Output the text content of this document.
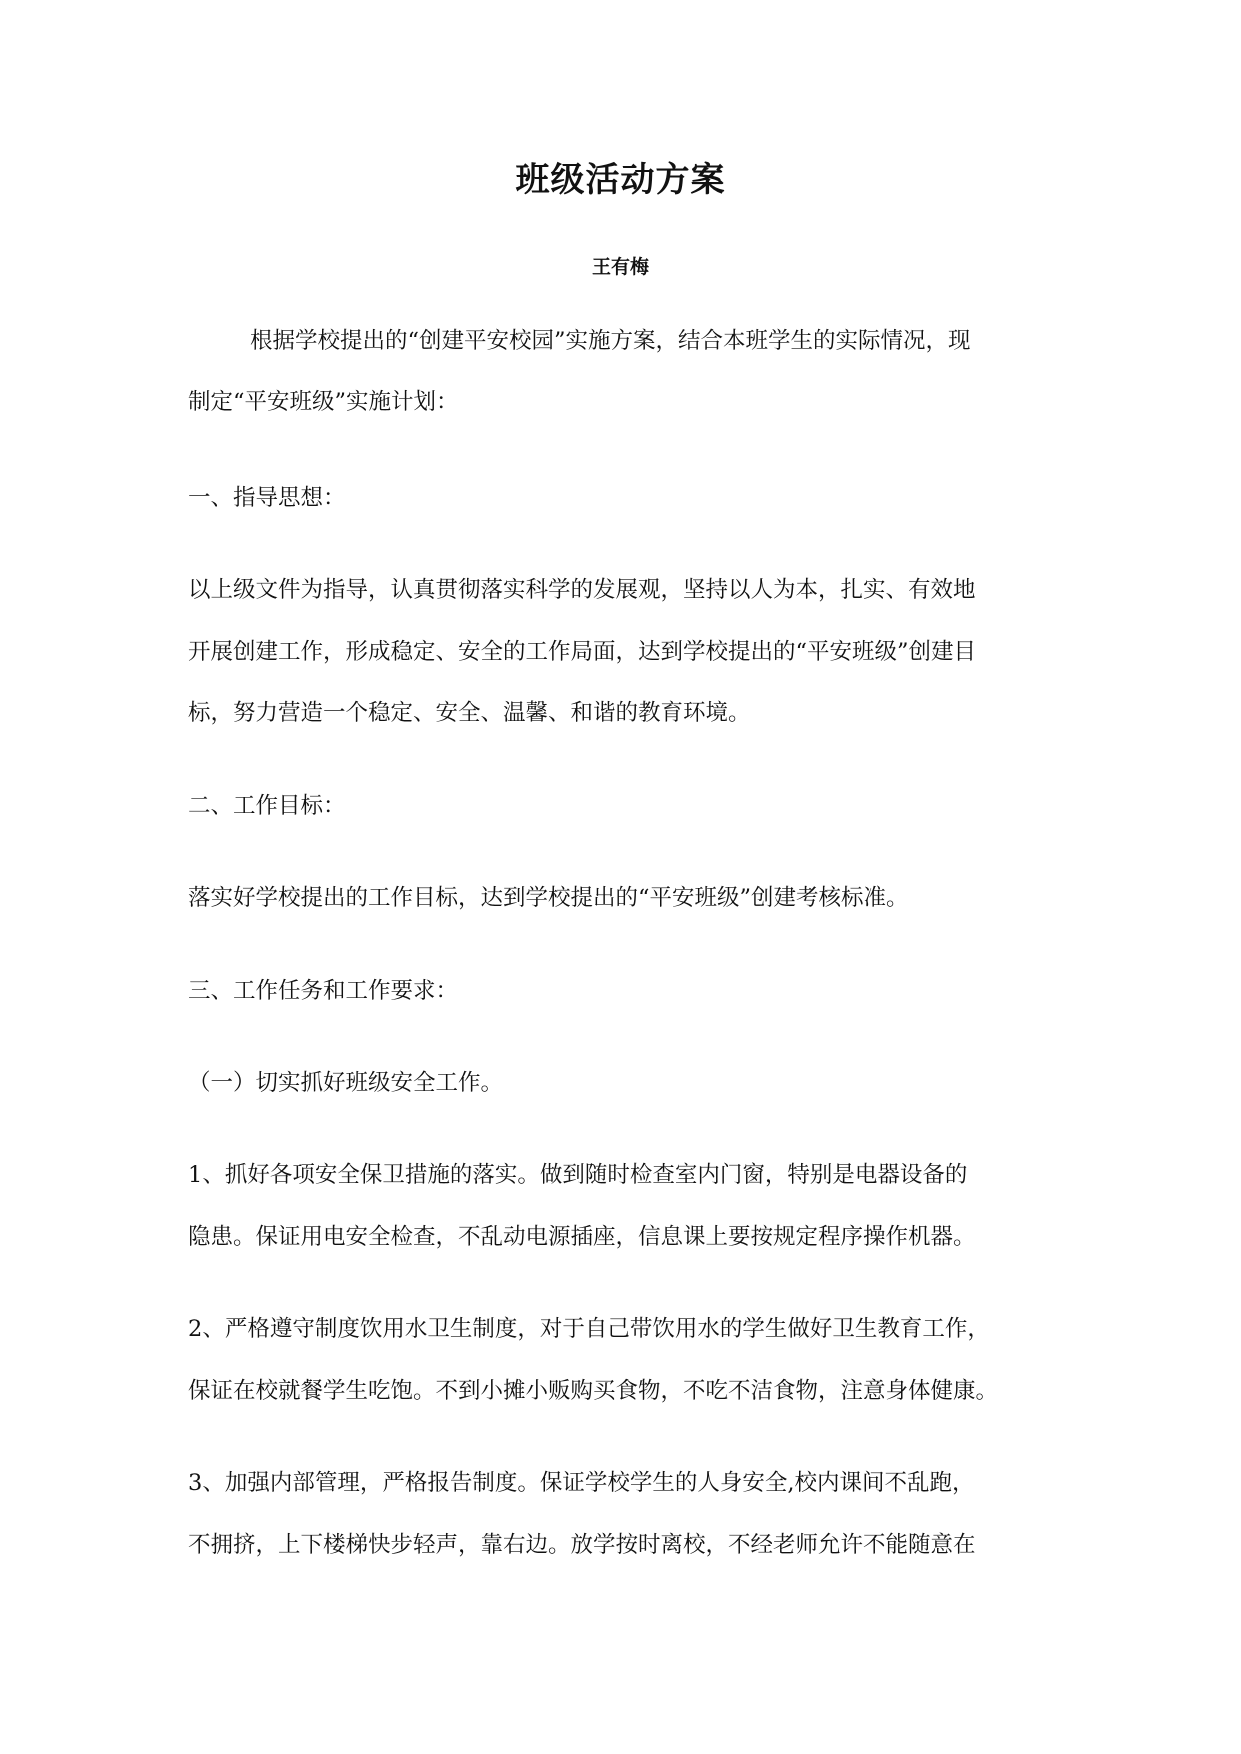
班级活动方案
王有梅
根据学校提出的“创建平安校园”实施方案，结合本班学生的实际情况，现
制定“平安班级”实施计划：
一、指导思想：
以上级文件为指导，认真贯彻落实科学的发展观，坚持以人为本，扎实、有效地
开展创建工作，形成稳定、安全的工作局面，达到学校提出的“平安班级”创建目
标，努力营造一个稳定、安全、温馨、和谐的教育环境。
二、工作目标：
落实好学校提出的工作目标，达到学校提出的“平安班级”创建考核标准。
三、工作任务和工作要求：
（一）切实抓好班级安全工作。
1、抓好各项安全保卫措施的落实。做到随时检查室内门窗，特别是电器设备的
隐患。保证用电安全检查，不乱动电源插座，信息课上要按规定程序操作机器。
2、严格遵守制度饮用水卫生制度，对于自己带饮用水的学生做好卫生教育工作，
保证在校就餐学生吃饱。不到小摊小贩购买食物，不吃不洁食物，注意身体健康。
3、加强内部管理，严格报告制度。保证学校学生的人身安全,校内课间不乱跑，
不拥挤，上下楼梯快步轻声，靠右边。放学按时离校，不经老师允许不能随意在
